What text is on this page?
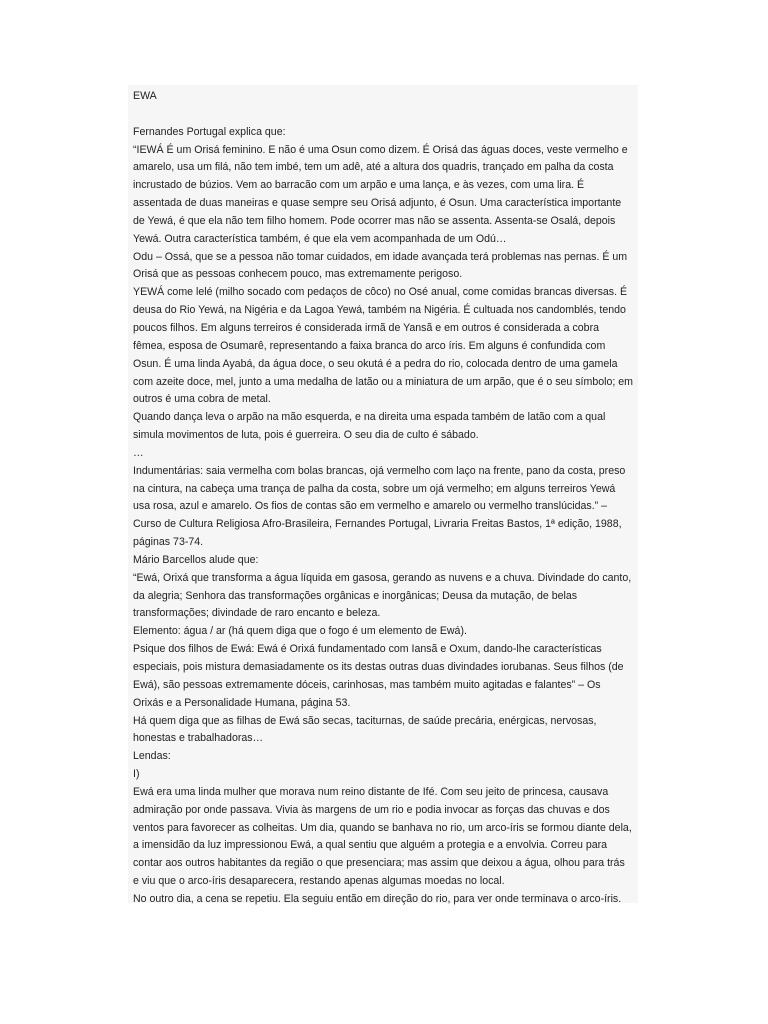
EWA

Fernandes Portugal explica que:

“IEWÁ É um Orisá feminino. E não é uma Osun como dizem. É Orisá das águas doces, veste vermelho e

amarelo, usa um filá, não tem imbé, tem um adê, até a altura dos quadris, trançado em palha da costa

incrustado de búzios. Vem ao barracão com um arpão e uma lança, e às vezes, com uma lira. É

assentada de duas maneiras e quase sempre seu Orisá adjunto, é Osun. Uma característica importante

de Yewá, é que ela não tem filho homem. Pode ocorrer mas não se assenta. Assenta-se Osalá, depois

Yewá. Outra característica também, é que ela vem acompanhada de um Odú…

Odu – Ossá, que se a pessoa não tomar cuidados, em idade avançada terá problemas nas pernas. É um

Orisá que as pessoas conhecem pouco, mas extremamente perigoso.

YEWÁ come lelé (milho socado com pedaços de côco) no Osé anual, come comidas brancas diversas. É

deusa do Rio Yewá, na Nigéria e da Lagoa Yewá, também na Nigéria. É cultuada nos candomblés, tendo

poucos filhos. Em alguns terreiros é considerada irmã de Yansã e em outros é considerada a cobra

fêmea, esposa de Osumarê, representando a faixa branca do arco íris. Em alguns é confundida com

Osun. É uma linda Ayabá, da água doce, o seu okutá é a pedra do rio, colocada dentro de uma gamela

com azeite doce, mel, junto a uma medalha de latão ou a miniatura de um arpão, que é o seu símbolo; em

outros é uma cobra de metal.

Quando dança leva o arpão na mão esquerda, e na direita uma espada também de latão com a qual

simula movimentos de luta, pois é guerreira. O seu dia de culto é sábado.

…

Indumentárias: saia vermelha com bolas brancas, ojá vermelho com laço na frente, pano da costa, preso

na cintura, na cabeça uma trança de palha da costa, sobre um ojá vermelho; em alguns terreiros Yewá

usa rosa, azul e amarelo. Os fios de contas são em vermelho e amarelo ou vermelho translúcidas.” –

Curso de Cultura Religiosa Afro-Brasileira, Fernandes Portugal, Livraria Freitas Bastos, 1ª edição, 1988,

páginas 73-74.

Mário Barcellos alude que:

“Ewá, Orixá que transforma a água líquida em gasosa, gerando as nuvens e a chuva. Divindade do canto,

da alegria; Senhora das transformações orgânicas e inorgânicas; Deusa da mutação, de belas

transformações; divindade de raro encanto e beleza.

Elemento: água / ar (há quem diga que o fogo é um elemento de Ewá).

Psique dos filhos de Ewá: Ewá é Orixá fundamentado com Iansã e Oxum, dando-lhe características

especiais, pois mistura demasiadamente os its destas outras duas divindades iorubanas. Seus filhos (de

Ewá), são pessoas extremamente dóceis, carinhosas, mas também muito agitadas e falantes” – Os

Orixás e a Personalidade Humana, página 53.

Há quem diga que as filhas de Ewá são secas, taciturnas, de saúde precária, enérgicas, nervosas,

honestas e trabalhadoras…

Lendas:

I)

Ewá era uma linda mulher que morava num reino distante de Ifé. Com seu jeito de princesa, causava

admiração por onde passava. Vivia às margens de um rio e podia invocar as forças das chuvas e dos

ventos para favorecer as colheitas. Um dia, quando se banhava no rio, um arco-íris se formou diante dela,

a imensidão da luz impressionou Ewá, a qual sentiu que alguém a protegia e a envolvia. Correu para

contar aos outros habitantes da região o que presenciara; mas assim que deixou a água, olhou para trás

e viu que o arco-íris desaparecera, restando apenas algumas moedas no local.

No outro dia, a cena se repetiu. Ela seguiu então em direção do rio, para ver onde terminava o arco-íris.
